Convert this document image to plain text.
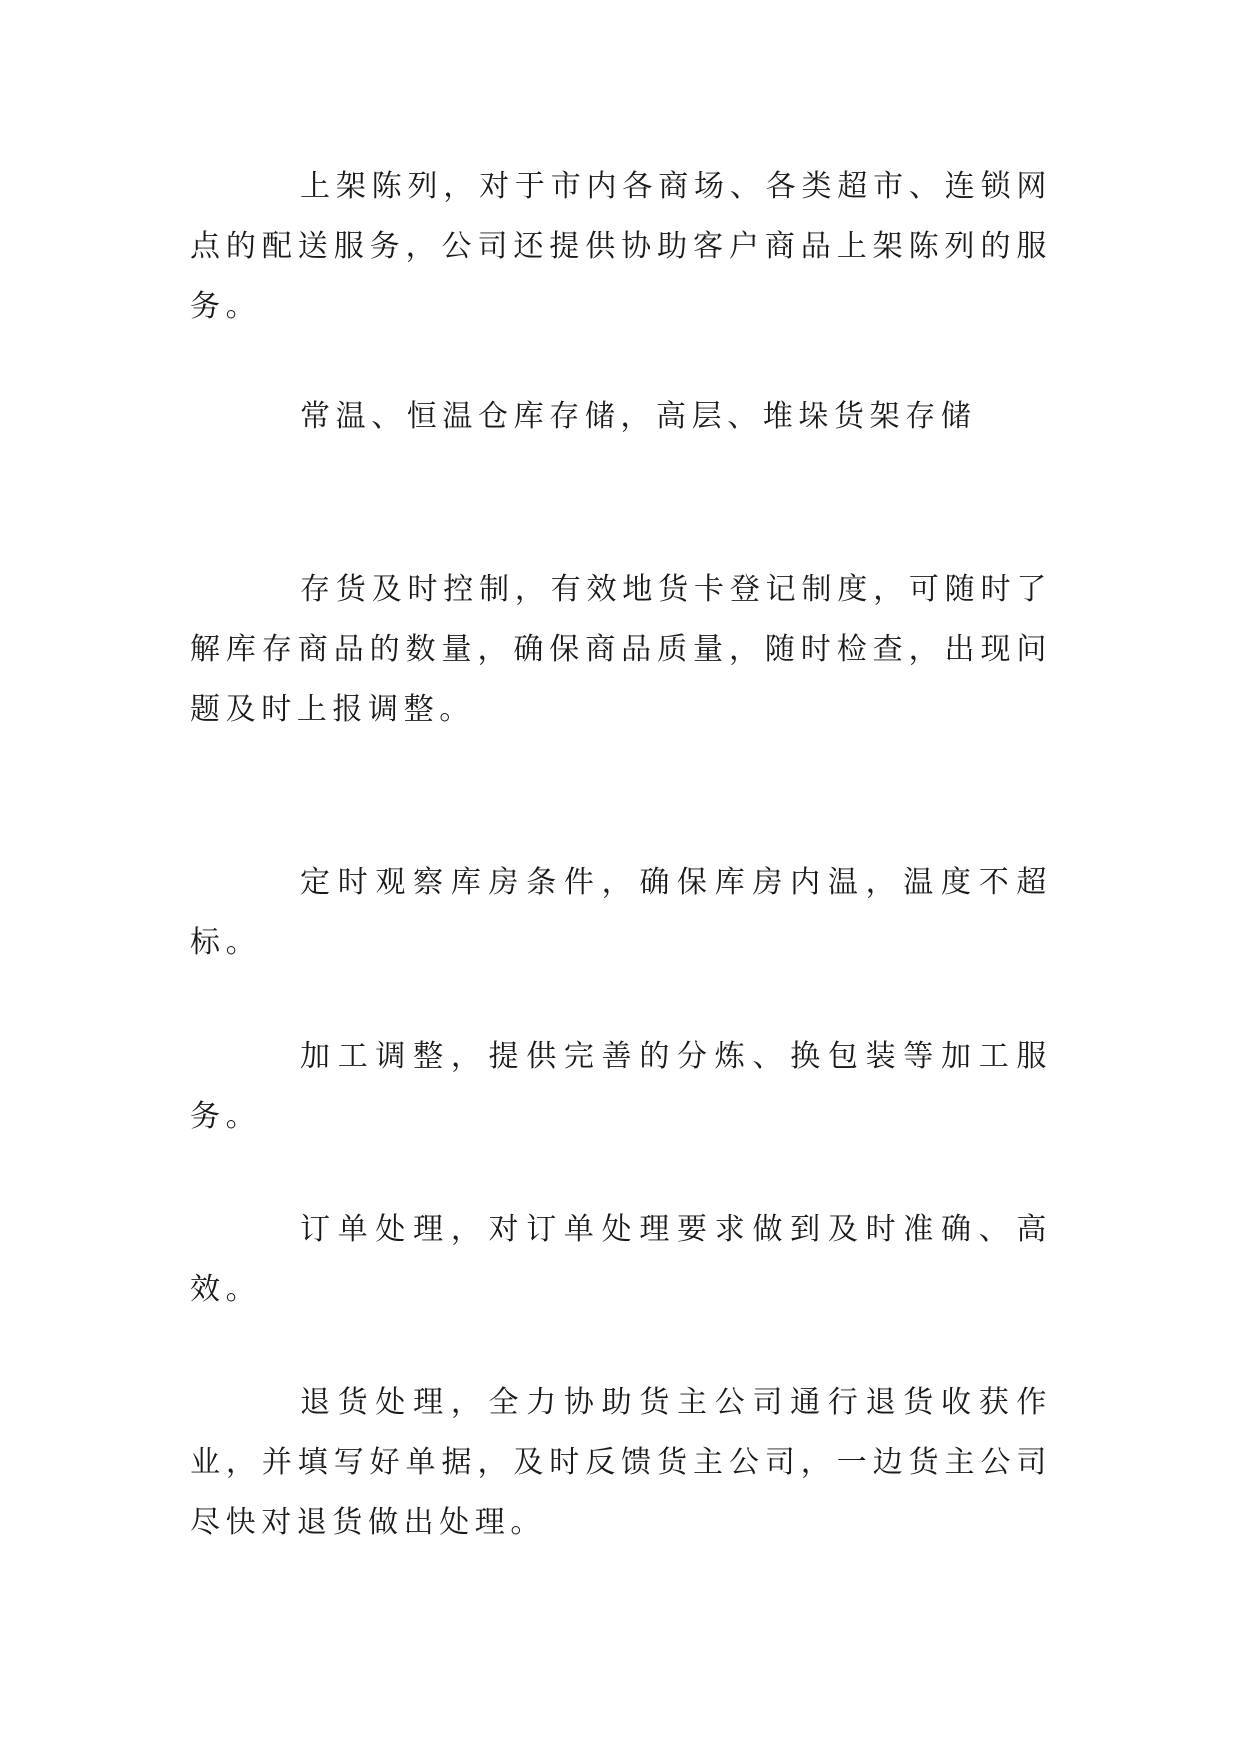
上架陈列，对于市内各商场、各类超市、连锁网点的配送服务，公司还提供协助客户商品上架陈列的服务。

常温、恒温仓库存储，高层、堆垛货架存储

存货及时控制，有效地货卡登记制度，可随时了解库存商品的数量，确保商品质量，随时检查，出现问题及时上报调整。

定时观察库房条件，确保库房内温，温度不超标。

加工调整，提供完善的分炼、换包装等加工服务。

订单处理，对订单处理要求做到及时准确、高效。

退货处理，全力协助货主公司通行退货收获作业，并填写好单据，及时反馈货主公司，一边货主公司尽快对退货做出处理。
